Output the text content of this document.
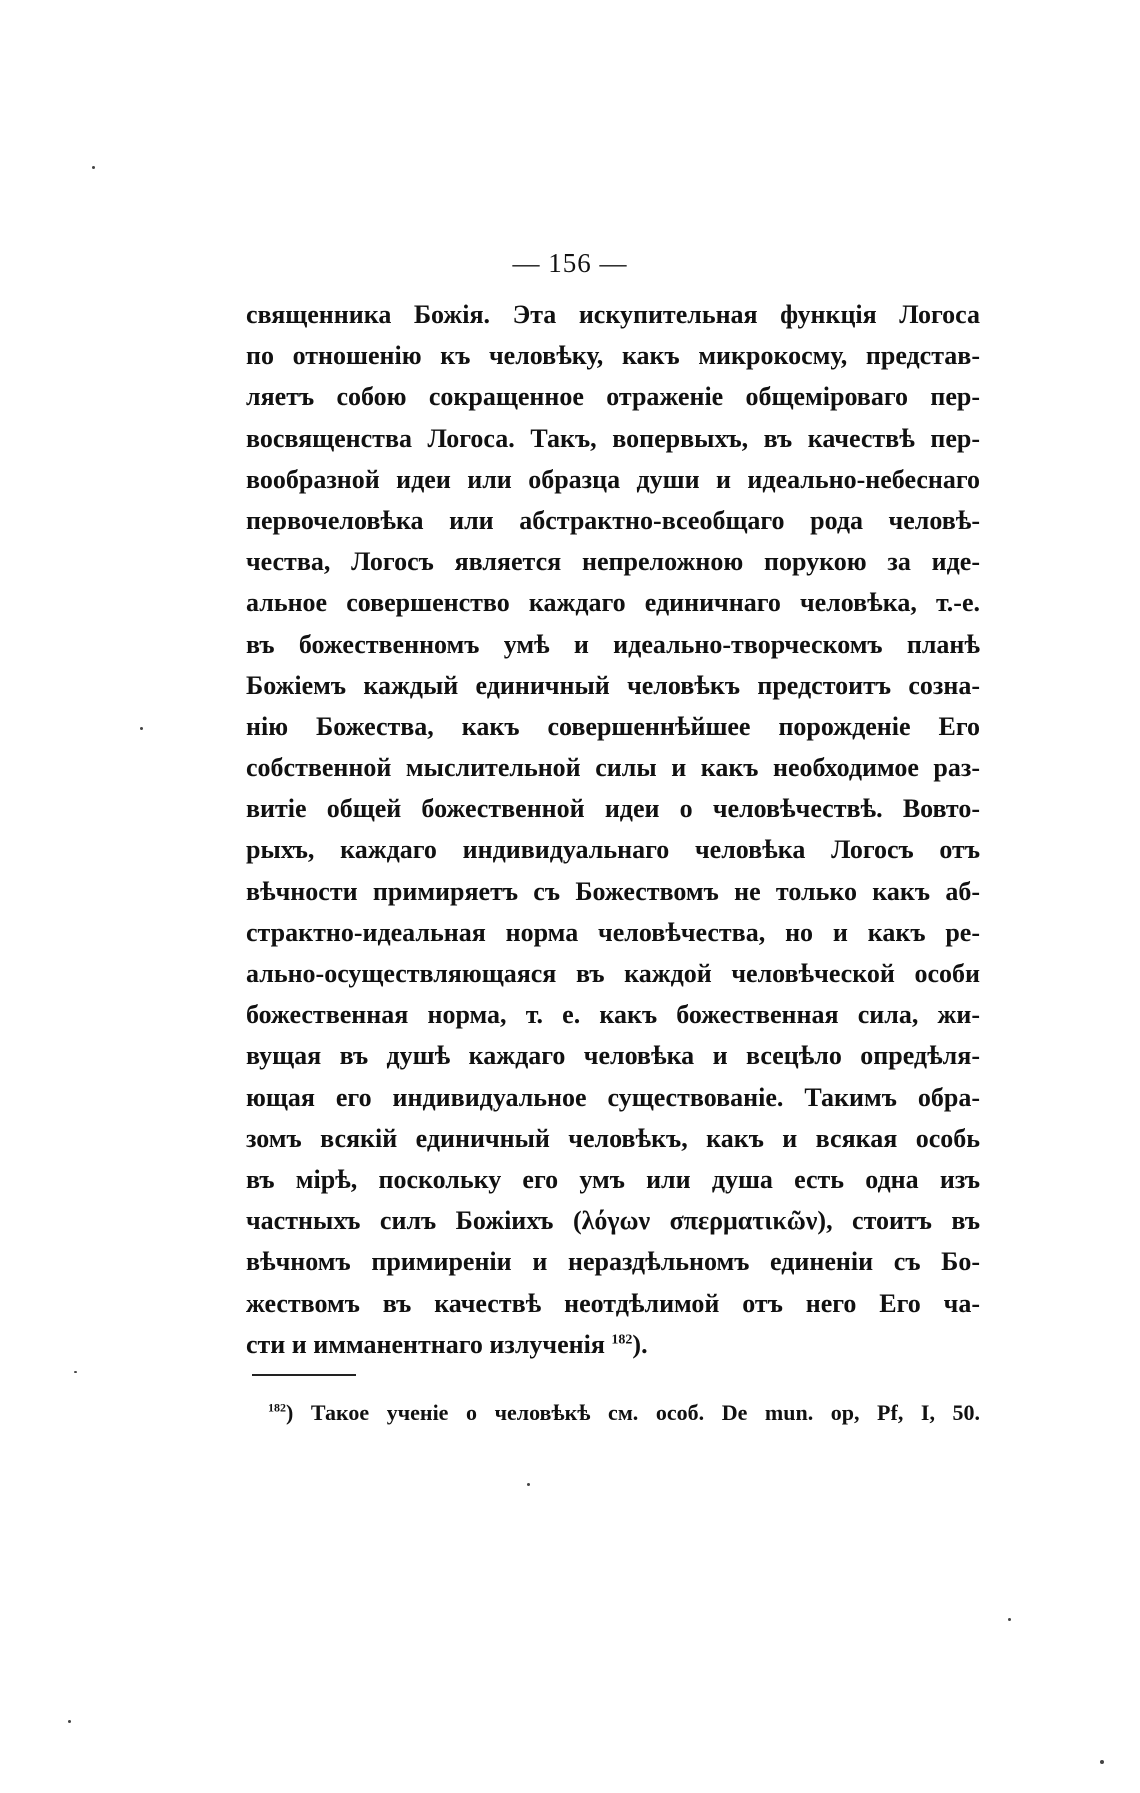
— 156 —
священника Божія. Эта искупительная функція Логоса
по отношенію къ человѣку, какъ микрокосму, представ-
ляетъ собою сокращенное отраженіе общеміроваго пер-
восвященства Логоса. Такъ, вопервыхъ, въ качествѣ пер-
вообразной идеи или образца души и идеально-небеснаго
первочеловѣка или абстрактно-всеобщаго рода человѣ-
чества, Логосъ является непреложною порукою за иде-
альное совершенство каждаго единичнаго человѣка, т.-е.
въ божественномъ умѣ и идеально-творческомъ планѣ
Божіемъ каждый единичный человѣкъ предстоитъ созна-
нію Божества, какъ совершеннѣйшее порожденіе Его
собственной мыслительной силы и какъ необходимое раз-
витіе общей божественной идеи о человѣчествѣ. Вовто-
рыхъ, каждаго индивидуальнаго человѣка Логосъ отъ
вѣчности примиряетъ съ Божествомъ не только какъ аб-
страктно-идеальная норма человѣчества, но и какъ ре-
ально-осуществляющаяся въ каждой человѣческой особи
божественная норма, т. е. какъ божественная сила, жи-
вущая въ душѣ каждаго человѣка и всецѣло опредѣля-
ющая его индивидуальное существованіе. Такимъ обра-
зомъ всякій единичный человѣкъ, какъ и всякая особь
въ мірѣ, поскольку его умъ или душа есть одна изъ
частныхъ силъ Божіихъ (λόγων σπερματικῶν), стоитъ въ
вѣчномъ примиреніи и нераздѣльномъ единеніи съ Бо-
жествомъ въ качествѣ неотдѣлимой отъ него Его ча-
сти и имманентнаго излученія $^{182}$).
$^{182}$) Такое ученіе о человѣкѣ см. особ. De mun. op, Pf, I, 50.
